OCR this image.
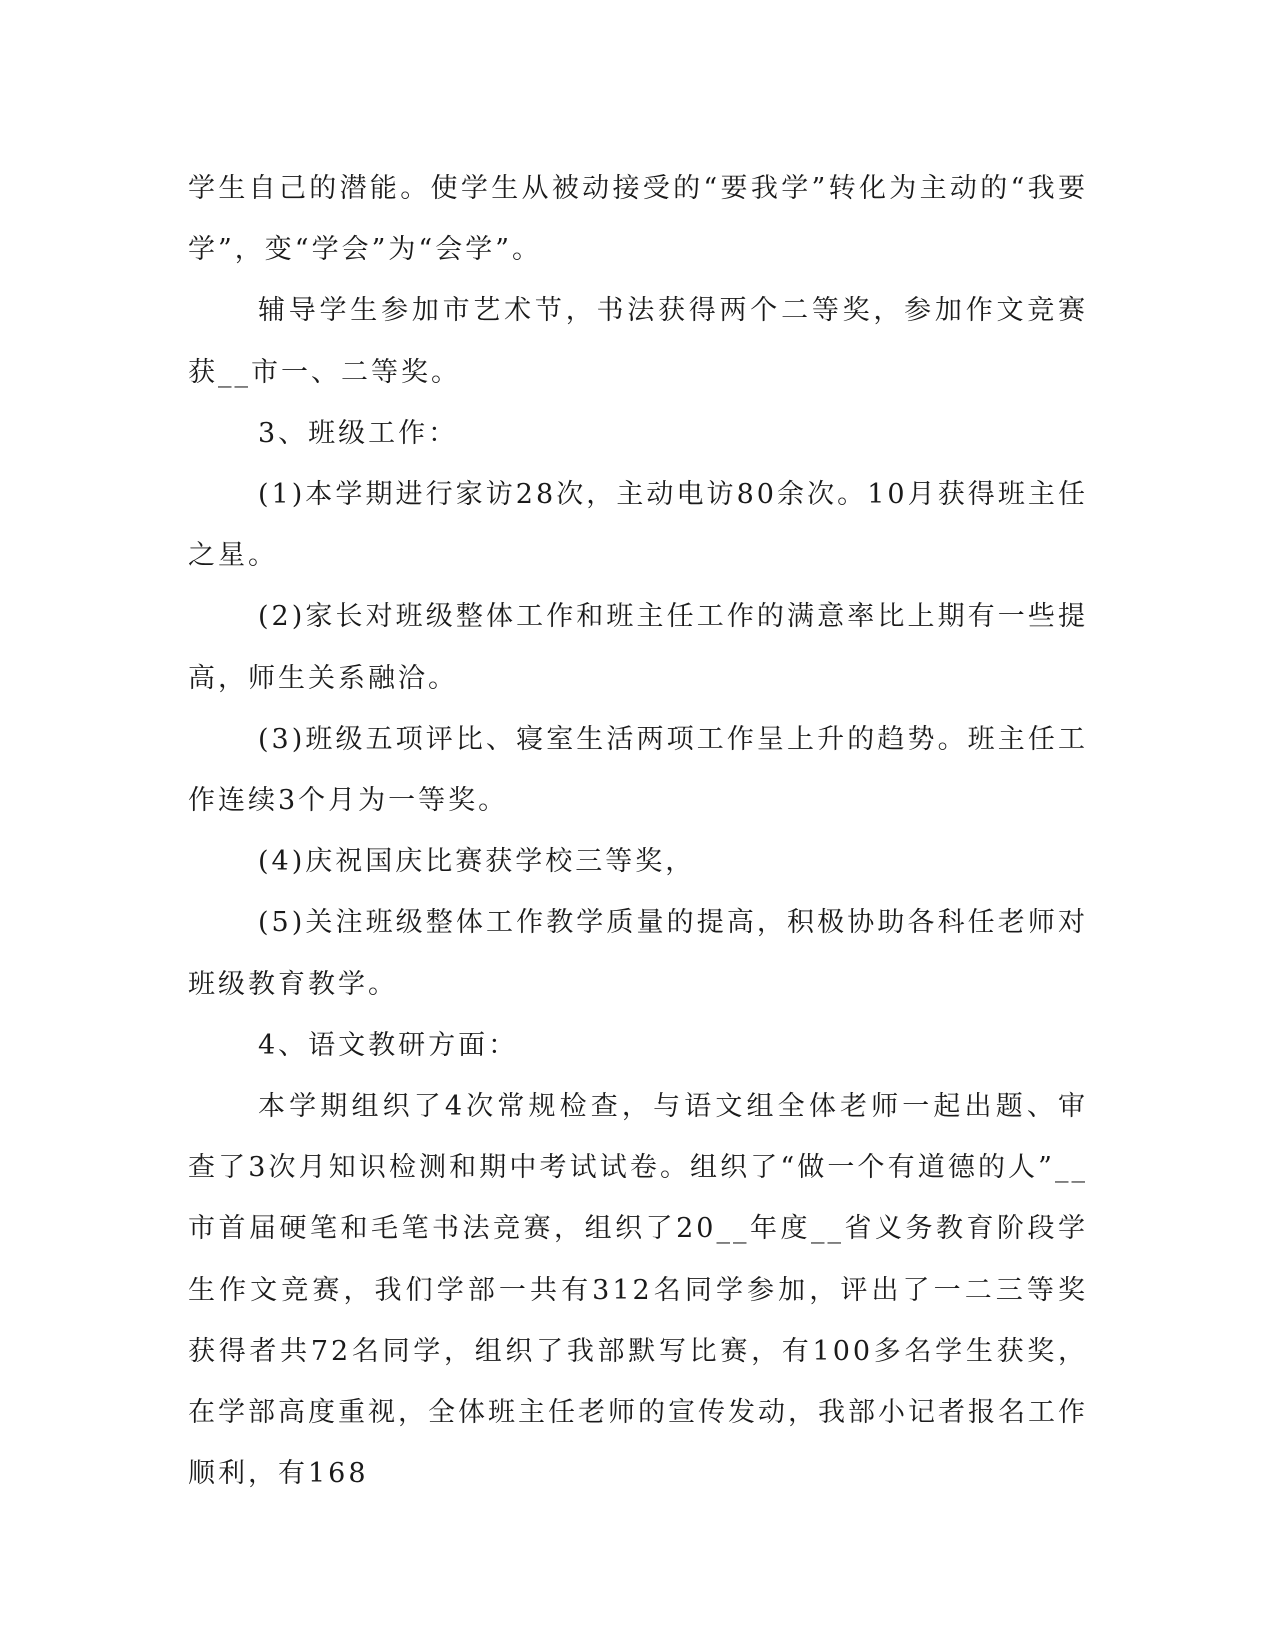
学生自己的潜能。使学生从被动接受的“要我学”转化为主动的“我要学”，变“学会”为“会学”。

辅导学生参加市艺术节，书法获得两个二等奖，参加作文竞赛获__市一、二等奖。

3、班级工作：

(1)本学期进行家访28次，主动电访80余次。10月获得班主任之星。

(2)家长对班级整体工作和班主任工作的满意率比上期有一些提高，师生关系融洽。

(3)班级五项评比、寝室生活两项工作呈上升的趋势。班主任工作连续3个月为一等奖。

(4)庆祝国庆比赛获学校三等奖，

(5)关注班级整体工作教学质量的提高，积极协助各科任老师对班级教育教学。

4、语文教研方面：

本学期组织了4次常规检查，与语文组全体老师一起出题、审查了3次月知识检测和期中考试试卷。组织了“做一个有道德的人”__市首届硬笔和毛笔书法竞赛，组织了20__年度__省义务教育阶段学生作文竞赛，我们学部一共有312名同学参加，评出了一二三等奖获得者共72名同学，组织了我部默写比赛，有100多名学生获奖，在学部高度重视，全体班主任老师的宣传发动，我部小记者报名工作顺利，有168
